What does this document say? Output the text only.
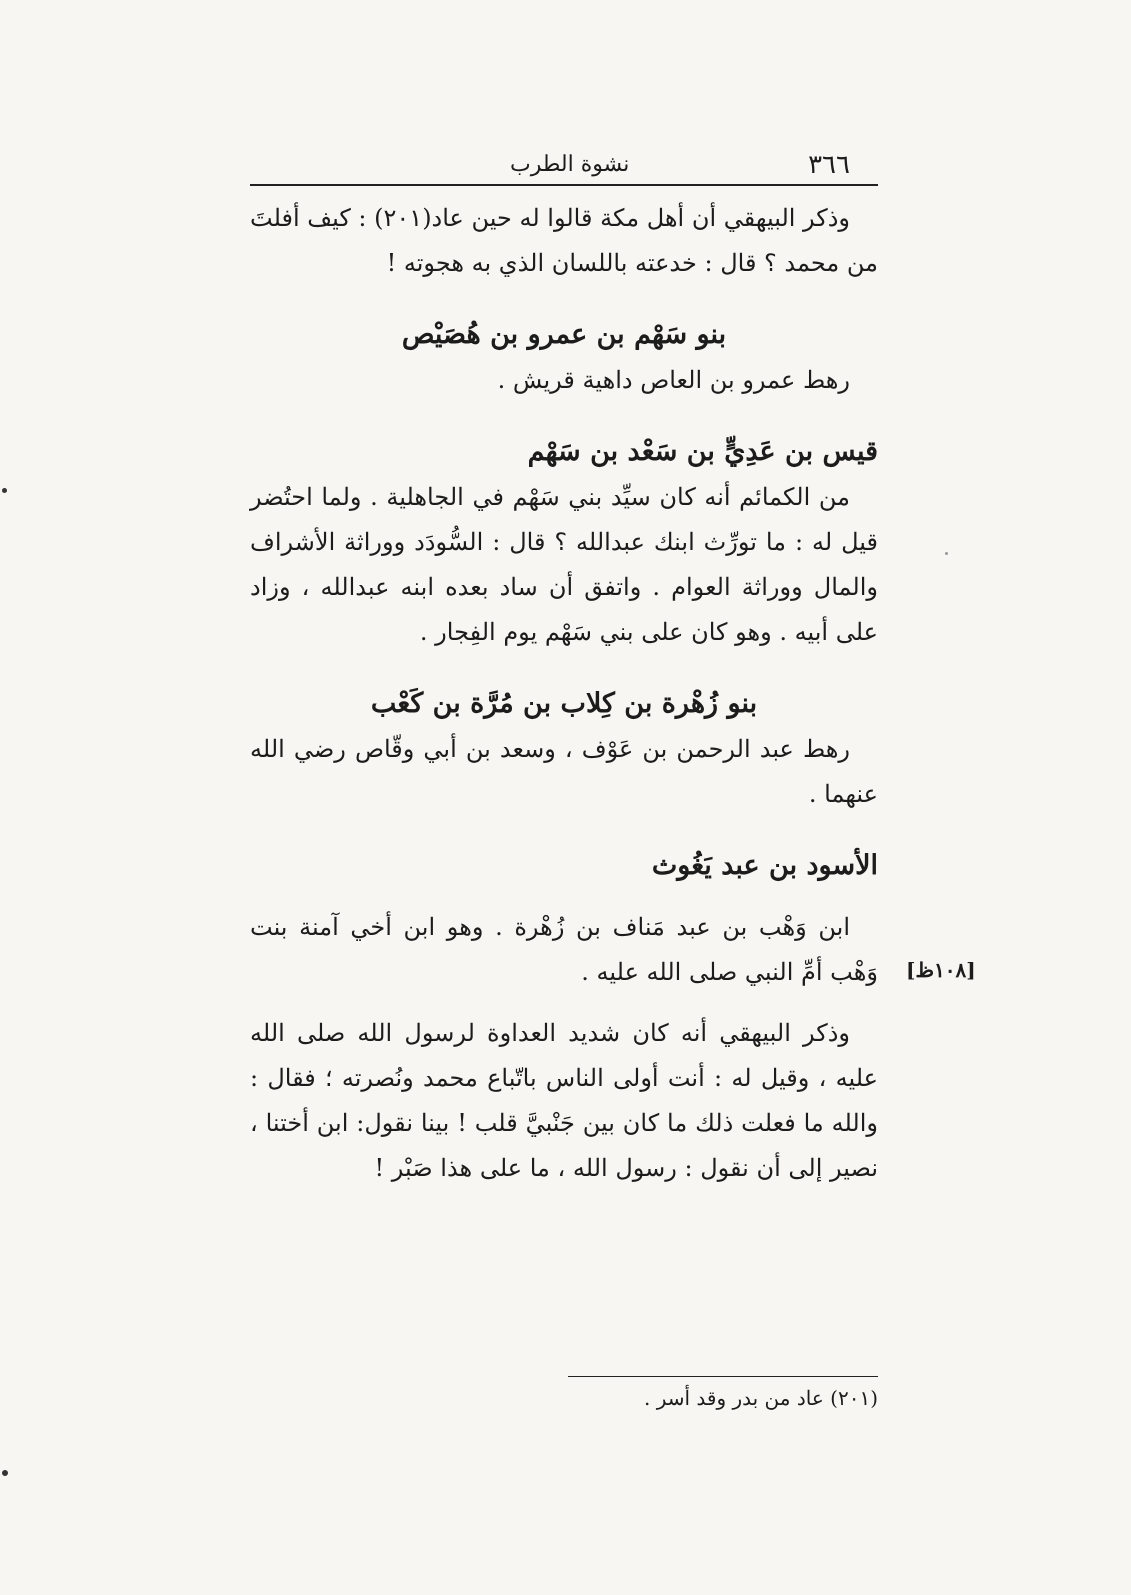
٣٦٦
نشوة الطرب

وذكر البيهقي أن أهل مكة قالوا له حين عاد(٢٠١) : كيف أفلتَ من محمد ؟ قال : خدعته باللسان الذي به هجوته !

بنو سَهْم بن عمرو بن هُصَيْص

رهط عمرو بن العاص داهية قريش .

قيس بن عَدِيٍّ بن سَعْد بن سَهْم

من الكمائم أنه كان سيِّد بني سَهْم في الجاهلية . ولما احتُضر قيل له : ما تورِّث ابنك عبدالله ؟ قال : السُّودَد ووراثة الأشراف والمال ووراثة العوام . واتفق أن ساد بعده ابنه عبدالله ، وزاد على أبيه . وهو كان على بني سَهْم يوم الفِجار .

بنو زُهْرة بن كِلاب بن مُرَّة بن كَعْب

رهط عبد الرحمن بن عَوْف ، وسعد بن أبي وقّاص رضي الله عنهما .

الأسود بن عبد يَغُوث

ابن وَهْب بن عبد مَناف بن زُهْرة . وهو ابن أخي آمنة بنت وَهْب أمِّ النبي صلى الله عليه .

وذكر البيهقي أنه كان شديد العداوة لرسول الله صلى الله عليه ، وقيل له : أنت أولى الناس باتّباع محمد ونُصرته ؛ فقال : والله ما فعلت ذلك ما كان بين جَنْبيَّ قلب ! بينا نقول: ابن أختنا ، نصير إلى أن نقول : رسول الله ، ما على هذا صَبْر !

[١٠٨ظ]
(٢٠١) عاد من بدر وقد أسر .
